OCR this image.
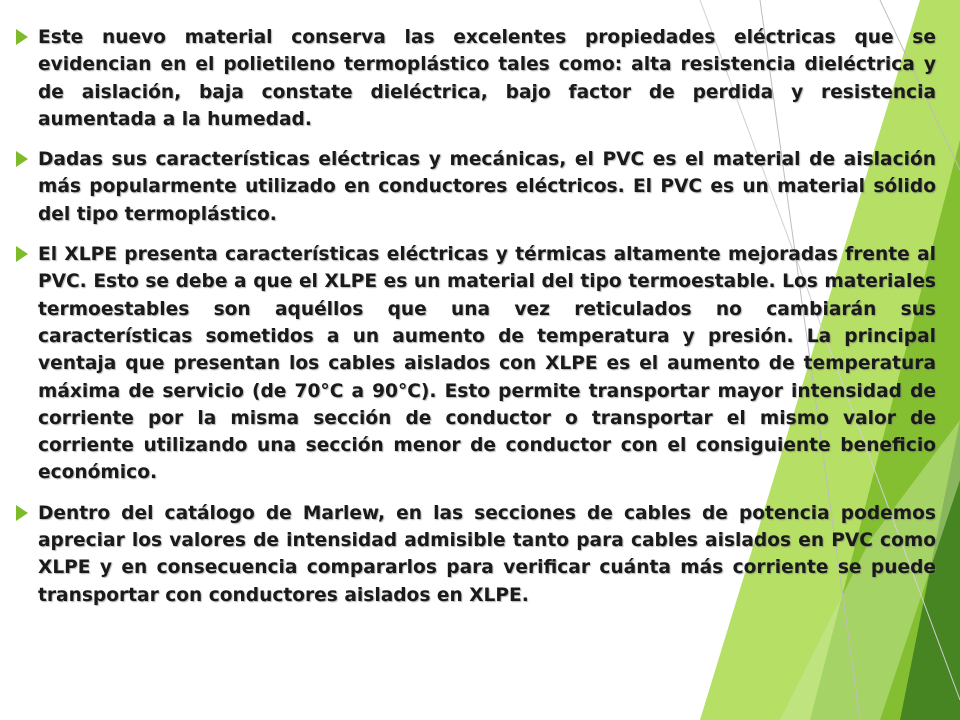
Este nuevo material conserva las excelentes propiedades eléctricas que se evidencian en el polietileno termoplástico tales como: alta resistencia dieléctrica y de aislación, baja constate dieléctrica, bajo factor de perdida y resistencia aumentada a la humedad.

Dadas sus características eléctricas y mecánicas, el PVC es el material de aislación más popularmente utilizado en conductores eléctricos. El PVC es un material sólido del tipo termoplástico.

El XLPE presenta características eléctricas y térmicas altamente mejoradas frente al PVC. Esto se debe a que el XLPE es un material del tipo termoestable. Los materiales termoestables son aquéllos que una vez reticulados no cambiarán sus características sometidos a un aumento de temperatura y presión. La principal ventaja que presentan los cables aislados con XLPE es el aumento de temperatura máxima de servicio (de 70°C a 90°C). Esto permite transportar mayor intensidad de corriente por la misma sección de conductor o transportar el mismo valor de corriente utilizando una sección menor de conductor con el consiguiente beneficio económico.

Dentro del catálogo de Marlew, en las secciones de cables de potencia podemos apreciar los valores de intensidad admisible tanto para cables aislados en PVC como XLPE y en consecuencia compararlos para verificar cuánta más corriente se puede transportar con conductores aislados en XLPE.
